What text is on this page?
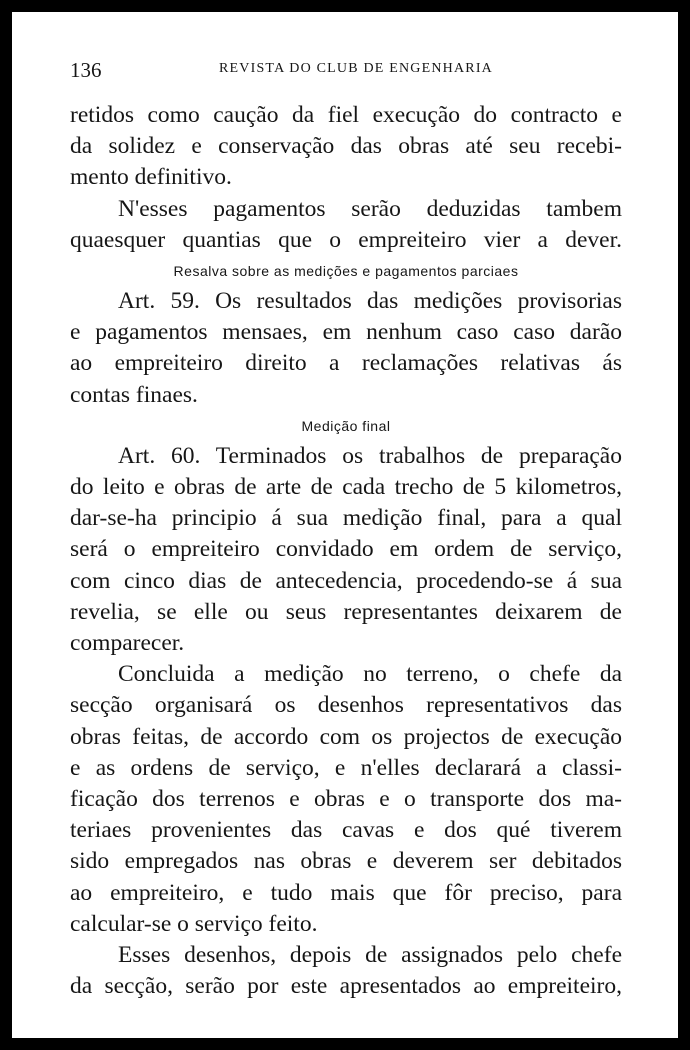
136	REVISTA DO CLUB DE ENGENHARIA

retidos como caução da fiel execução do contracto e
da solidez e conservação das obras até seu recebi-
mento definitivo.

N'esses pagamentos serão deduzidas tambem
quaesquer quantias que o empreiteiro vier a dever.

Resalva sobre as medições e pagamentos parciaes

Art. 59. Os resultados das medições provisorias
e pagamentos mensaes, em nenhum caso caso darão
ao empreiteiro direito a reclamações relativas ás
contas finaes.

Medição final

Art. 60. Terminados os trabalhos de preparação
do leito e obras de arte de cada trecho de 5 kilometros,
dar-se-ha principio á sua medição final, para a qual
será o empreiteiro convidado em ordem de serviço,
com cinco dias de antecedencia, procedendo-se á sua
revelia, se elle ou seus representantes deixarem de
comparecer.

Concluida a medição no terreno, o chefe da
secção organisará os desenhos representativos das
obras feitas, de accordo com os projectos de execução
e as ordens de serviço, e n'elles declarará a classi-
ficação dos terrenos e obras e o transporte dos ma-
teriaes provenientes das cavas e dos qué tiverem
sido empregados nas obras e deverem ser debitados
ao empreiteiro, e tudo mais que fôr preciso, para
calcular-se o serviço feito.

Esses desenhos, depois de assignados pelo chefe
da secção, serão por este apresentados ao empreiteiro,
